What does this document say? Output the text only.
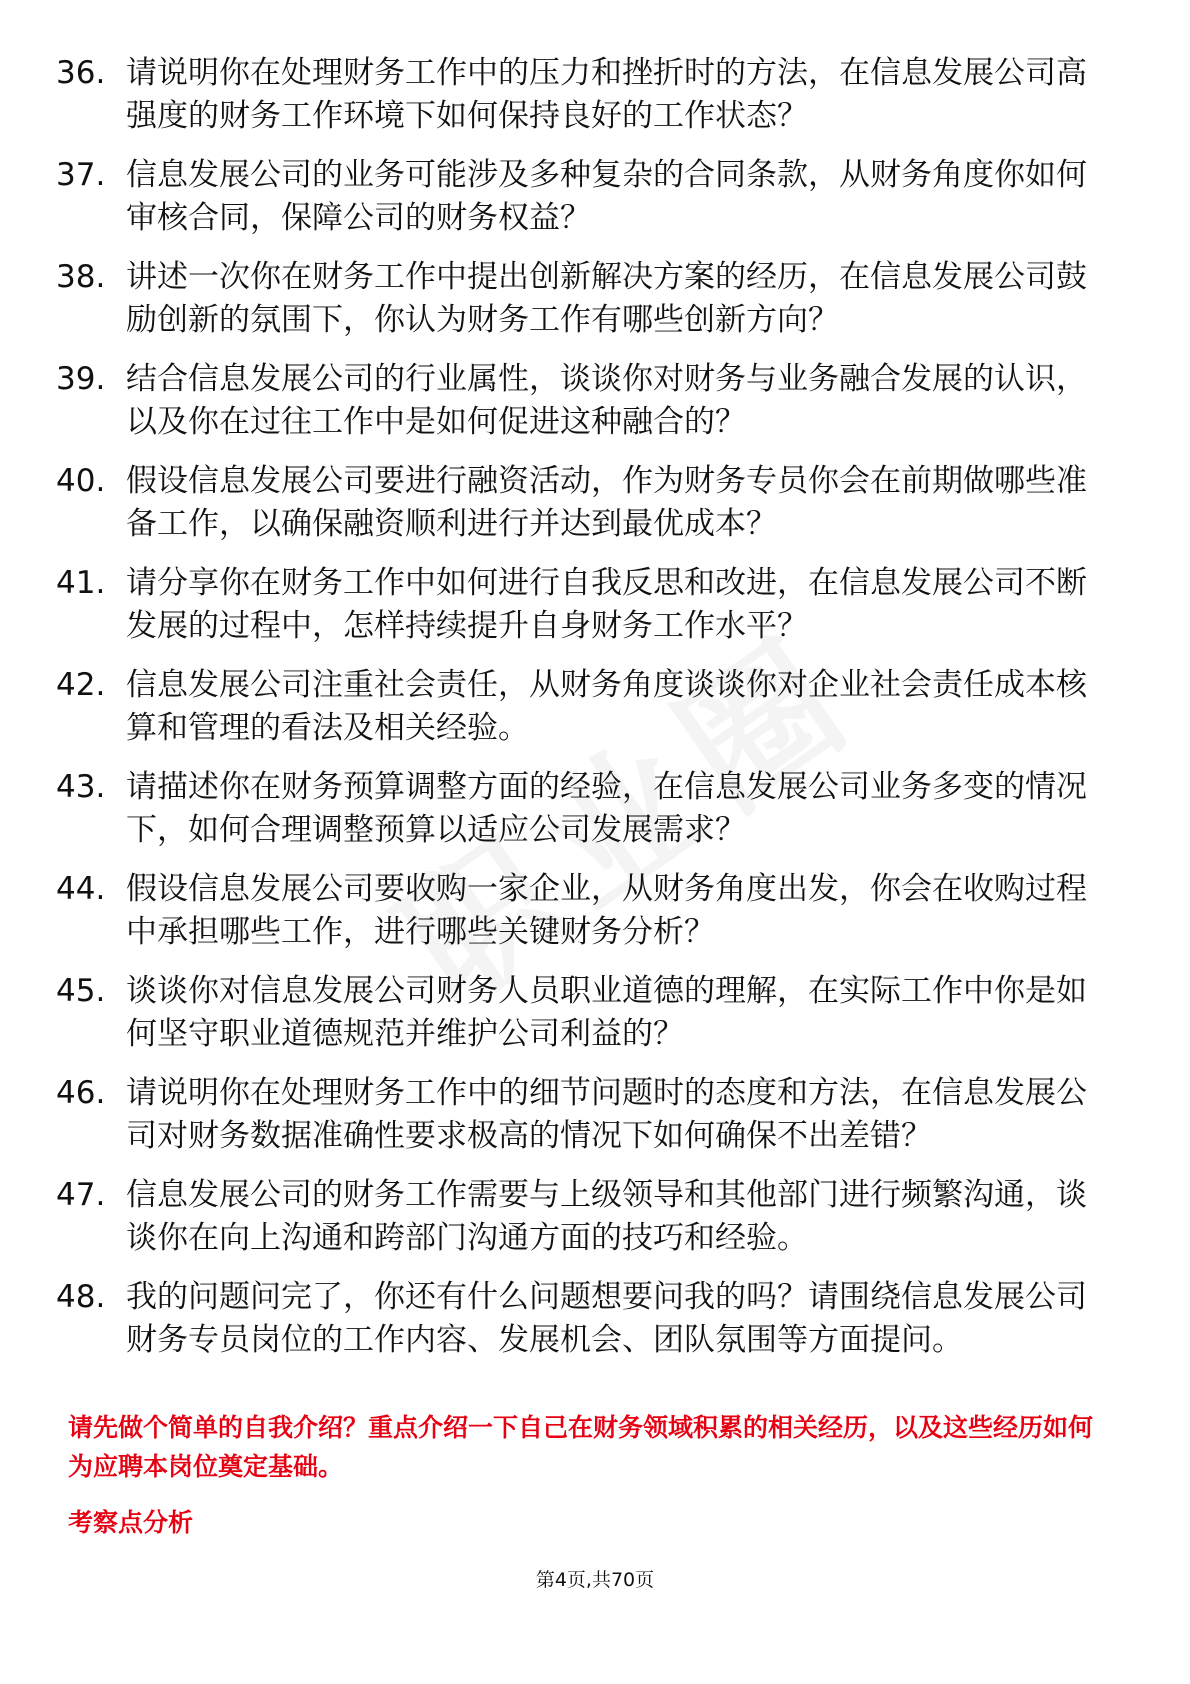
36. 请说明你在处理财务工作中的压力和挫折时的方法，在信息发展公司高强度的财务工作环境下如何保持良好的工作状态？
37. 信息发展公司的业务可能涉及多种复杂的合同条款，从财务角度你如何审核合同，保障公司的财务权益？
38. 讲述一次你在财务工作中提出创新解决方案的经历，在信息发展公司鼓励创新的氛围下，你认为财务工作有哪些创新方向？
39. 结合信息发展公司的行业属性，谈谈你对财务与业务融合发展的认识，以及你在过往工作中是如何促进这种融合的？
40. 假设信息发展公司要进行融资活动，作为财务专员你会在前期做哪些准备工作，以确保融资顺利进行并达到最优成本？
41. 请分享你在财务工作中如何进行自我反思和改进，在信息发展公司不断发展的过程中，怎样持续提升自身财务工作水平？
42. 信息发展公司注重社会责任，从财务角度谈谈你对企业社会责任成本核算和管理的看法及相关经验。
43. 请描述你在财务预算调整方面的经验，在信息发展公司业务多变的情况下，如何合理调整预算以适应公司发展需求？
44. 假设信息发展公司要收购一家企业，从财务角度出发，你会在收购过程中承担哪些工作，进行哪些关键财务分析？
45. 谈谈你对信息发展公司财务人员职业道德的理解，在实际工作中你是如何坚守职业道德规范并维护公司利益的？
46. 请说明你在处理财务工作中的细节问题时的态度和方法，在信息发展公司对财务数据准确性要求极高的情况下如何确保不出差错？
47. 信息发展公司的财务工作需要与上级领导和其他部门进行频繁沟通，谈谈你在向上沟通和跨部门沟通方面的技巧和经验。
48. 我的问题问完了，你还有什么问题想要问我的吗？请围绕信息发展公司财务专员岗位的工作内容、发展机会、团队氛围等方面提问。

请先做个简单的自我介绍？重点介绍一下自己在财务领域积累的相关经历，以及这些经历如何为应聘本岗位奠定基础。

考察点分析

第4页,共70页
